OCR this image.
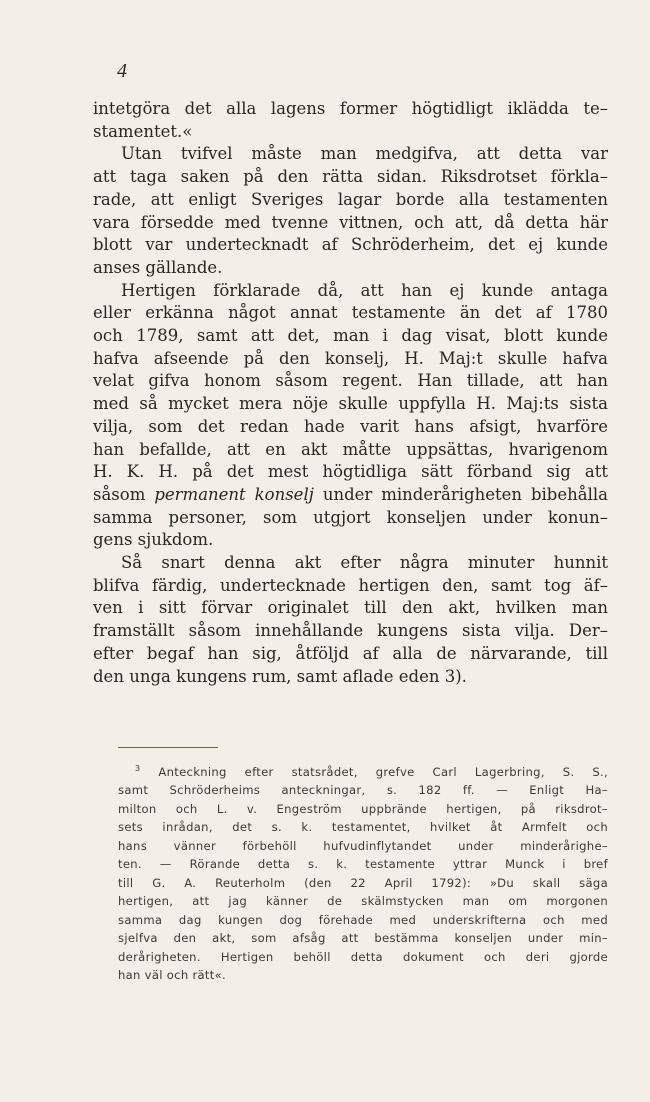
4

intetgöra det alla lagens former högtidligt iklädda te–
stamentet.«

Utan tvifvel måste man medgifva, att detta var
att taga saken på den rätta sidan. Riksdrotset förkla–
rade, att enligt Sveriges lagar borde alla testamenten
vara försedde med tvenne vittnen, och att, då detta här
blott var undertecknadt af Schröderheim, det ej kunde
anses gällande.

Hertigen förklarade då, att han ej kunde antaga
eller erkänna något annat testamente än det af 1780
och 1789, samt att det, man i dag visat, blott kunde
hafva afseende på den konselj, H. Maj:t skulle hafva
velat gifva honom såsom regent. Han tillade, att han
med så mycket mera nöje skulle uppfylla H. Maj:ts sista
vilja, som det redan hade varit hans afsigt, hvarföre
han befallde, att en akt måtte uppsättas, hvarigenom
H. K. H. på det mest högtidliga sätt förband sig att
såsom permanent konselj under minderårigheten bibehålla
samma personer, som utgjort konseljen under konun–
gens sjukdom.

Så snart denna akt efter några minuter hunnit
blifva färdig, undertecknade hertigen den, samt tog äf–
ven i sitt förvar originalet till den akt, hvilken man
framställt såsom innehållande kungens sista vilja. Der–
efter begaf han sig, åtföljd af alla de närvarande, till
den unga kungens rum, samt aflade eden 3).

$^3$ Anteckning efter statsrådet, grefve Carl Lagerbring, S. S.,
samt Schröderheims anteckningar, s. 182 ff. — Enligt Ha–
milton och L. v. Engeström uppbrände hertigen, på riksdrot–
sets inrådan, det s. k. testamentet, hvilket åt Armfelt och
hans vänner förbehöll hufvudinflytandet under minderårighe–
ten. — Rörande detta s. k. testamente yttrar Munck i bref
till G. A. Reuterholm (den 22 April 1792): »Du skall säga
hertigen, att jag känner de skälmstycken man om morgonen
samma dag kungen dog förehade med underskrifterna och med
sjelfva den akt, som afsåg att bestämma konseljen under min–
derårigheten. Hertigen behöll detta dokument och deri gjorde
han väl och rätt«.
